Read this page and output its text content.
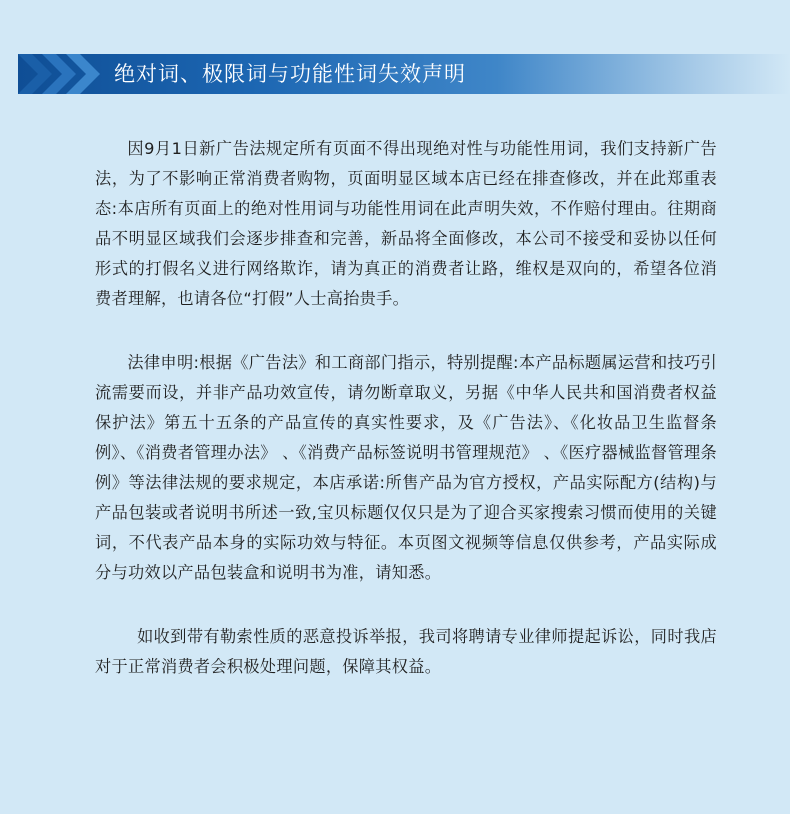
绝对词、极限词与功能性词失效声明

因9月1日新广告法规定所有页面不得出现绝对性与功能性用词，我们支持新广告法，为了不影响正常消费者购物，页面明显区域本店已经在排查修改，并在此郑重表态:本店所有页面上的绝对性用词与功能性用词在此声明失效，不作赔付理由。往期商品不明显区域我们会逐步排查和完善，新品将全面修改，本公司不接受和妥协以任何形式的打假名义进行网络欺诈，请为真正的消费者让路，维权是双向的，希望各位消费者理解，也请各位“打假”人士高抬贵手。

法律申明:根据《广告法》和工商部门指示，特别提醒:本产品标题属运营和技巧引流需要而设，并非产品功效宣传，请勿断章取义，另据《中华人民共和国消费者权益保护法》第五十五条的产品宣传的真实性要求，及《广告法》、《化妆品卫生监督条例》、《消费者管理办法》 、《消费产品标签说明书管理规范》 、《医疗器械监督管理条例》等法律法规的要求规定，本店承诺:所售产品为官方授权，产品实际配方(结构)与产品包装或者说明书所述一致,宝贝标题仅仅只是为了迎合买家搜索习惯而使用的关键词，不代表产品本身的实际功效与特征。本页图文视频等信息仅供参考，产品实际成分与功效以产品包装盒和说明书为准，请知悉。

如收到带有勒索性质的恶意投诉举报，我司将聘请专业律师提起诉讼，同时我店对于正常消费者会积极处理问题，保障其权益。
